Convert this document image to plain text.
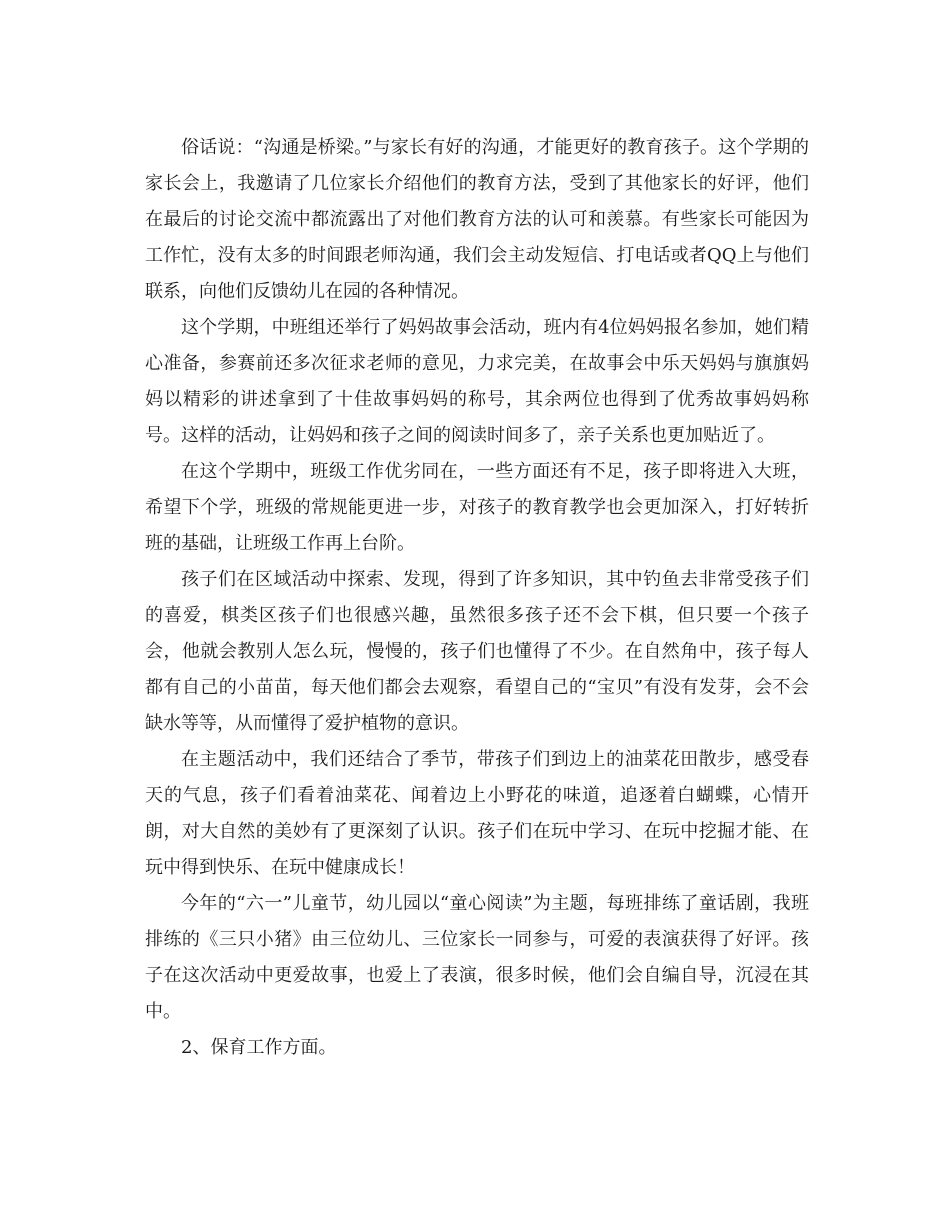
俗话说：“沟通是桥梁。”与家长有好的沟通，才能更好的教育孩子。这个学期的家长会上，我邀请了几位家长介绍他们的教育方法，受到了其他家长的好评，他们在最后的讨论交流中都流露出了对他们教育方法的认可和羡慕。有些家长可能因为工作忙，没有太多的时间跟老师沟通，我们会主动发短信、打电话或者QQ上与他们联系，向他们反馈幼儿在园的各种情况。

这个学期，中班组还举行了妈妈故事会活动，班内有4位妈妈报名参加，她们精心准备，参赛前还多次征求老师的意见，力求完美，在故事会中乐天妈妈与旗旗妈妈以精彩的讲述拿到了十佳故事妈妈的称号，其余两位也得到了优秀故事妈妈称号。这样的活动，让妈妈和孩子之间的阅读时间多了，亲子关系也更加贴近了。

在这个学期中，班级工作优劣同在，一些方面还有不足，孩子即将进入大班，希望下个学，班级的常规能更进一步，对孩子的教育教学也会更加深入，打好转折班的基础，让班级工作再上台阶。

孩子们在区域活动中探索、发现，得到了许多知识，其中钓鱼去非常受孩子们的喜爱，棋类区孩子们也很感兴趣，虽然很多孩子还不会下棋，但只要一个孩子会，他就会教别人怎么玩，慢慢的，孩子们也懂得了不少。在自然角中，孩子每人都有自己的小苗苗，每天他们都会去观察，看望自己的“宝贝”有没有发芽，会不会缺水等等，从而懂得了爱护植物的意识。

在主题活动中，我们还结合了季节，带孩子们到边上的油菜花田散步，感受春天的气息，孩子们看着油菜花、闻着边上小野花的味道，追逐着白蝴蝶，心情开朗，对大自然的美妙有了更深刻了认识。孩子们在玩中学习、在玩中挖掘才能、在玩中得到快乐、在玩中健康成长！

今年的“六一”儿童节，幼儿园以“童心阅读”为主题，每班排练了童话剧，我班排练的《三只小猪》由三位幼儿、三位家长一同参与，可爱的表演获得了好评。孩子在这次活动中更爱故事，也爱上了表演，很多时候，他们会自编自导，沉浸在其中。

2、保育工作方面。
